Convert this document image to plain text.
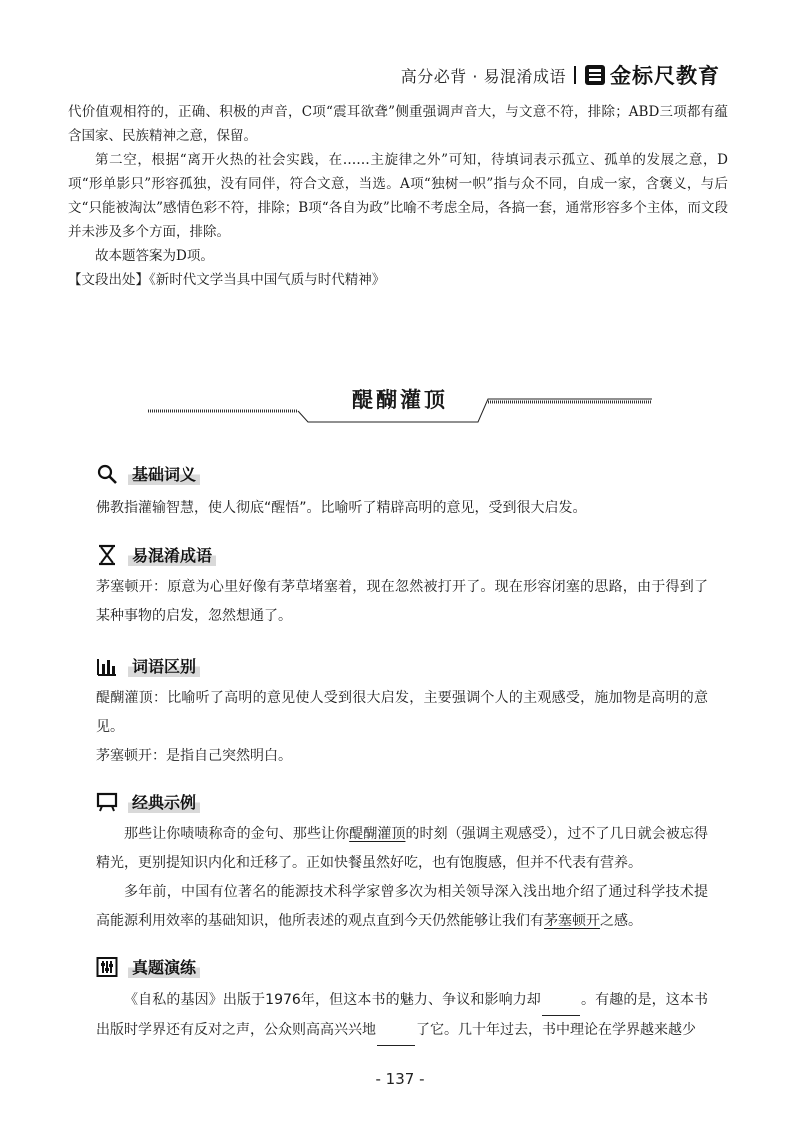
高分必背 · 易混淆成语 金标尺教育

代价值观相符的，正确、积极的声音，C项“震耳欲聋”侧重强调声音大，与文意不符，排除；ABD三项都有蕴含国家、民族精神之意，保留。

第二空，根据“离开火热的社会实践，在……主旋律之外”可知，待填词表示孤立、孤单的发展之意，D项“形单影只”形容孤独，没有同伴，符合文意，当选。A项“独树一帜”指与众不同，自成一家，含褒义，与后文“只能被淘汰”感情色彩不符，排除；B项“各自为政”比喻不考虑全局，各搞一套，通常形容多个主体，而文段并未涉及多个方面，排除。

故本题答案为D项。

【文段出处】《新时代文学当具中国气质与时代精神》

醍醐灌顶
基础词义

佛教指灌输智慧，使人彻底“醒悟”。比喻听了精辟高明的意见，受到很大启发。

易混淆成语

茅塞顿开：原意为心里好像有茅草堵塞着，现在忽然被打开了。现在形容闭塞的思路，由于得到了某种事物的启发，忽然想通了。

词语区别

醍醐灌顶：比喻听了高明的意见使人受到很大启发，主要强调个人的主观感受，施加物是高明的意见。

茅塞顿开：是指自己突然明白。

经典示例

那些让你啧啧称奇的金句、那些让你醍醐灌顶的时刻（强调主观感受），过不了几日就会被忘得精光，更别提知识内化和迁移了。正如快餐虽然好吃，也有饱腹感，但并不代表有营养。

多年前，中国有位著名的能源技术科学家曾多次为相关领导深入浅出地介绍了通过科学技术提高能源利用效率的基础知识，他所表述的观点直到今天仍然能够让我们有茅塞顿开之感。

真题演练

《自私的基因》出版于1976年，但这本书的魅力、争议和影响力却	。有趣的是，这本书出版时学界还有反对之声，公众则高高兴兴地	了它。几十年过去，书中理论在学界越来越少

- 137 -
